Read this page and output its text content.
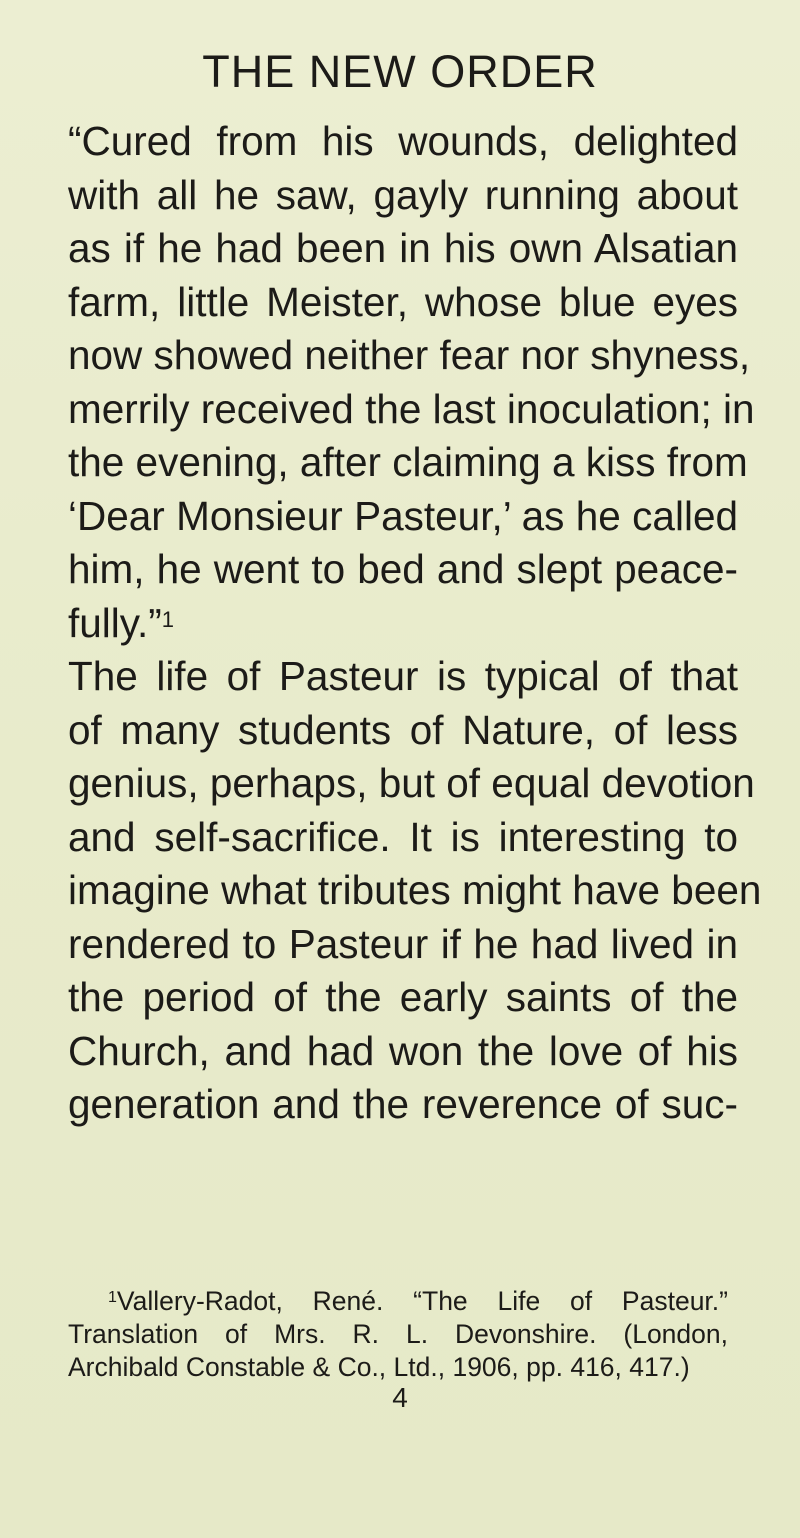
THE NEW ORDER
“Cured from his wounds, delighted
with all he saw, gayly running about
as if he had been in his own Alsatian
farm, little Meister, whose blue eyes
now showed neither fear nor shyness,
merrily received the last inoculation; in
the evening, after claiming a kiss from
‘Dear Monsieur Pasteur,’ as he called
him, he went to bed and slept peace-
fully.”$^1$
The life of Pasteur is typical of that
of many students of Nature, of less
genius, perhaps, but of equal devotion
and self-sacrifice. It is interesting to
imagine what tributes might have been
rendered to Pasteur if he had lived in
the period of the early saints of the
Church, and had won the love of his
generation and the reverence of suc-
$^1$Vallery-Radot, René. “The Life of Pasteur.”
Translation of Mrs. R. L. Devonshire. (London,
Archibald Constable & Co., Ltd., 1906, pp. 416, 417.)
4
